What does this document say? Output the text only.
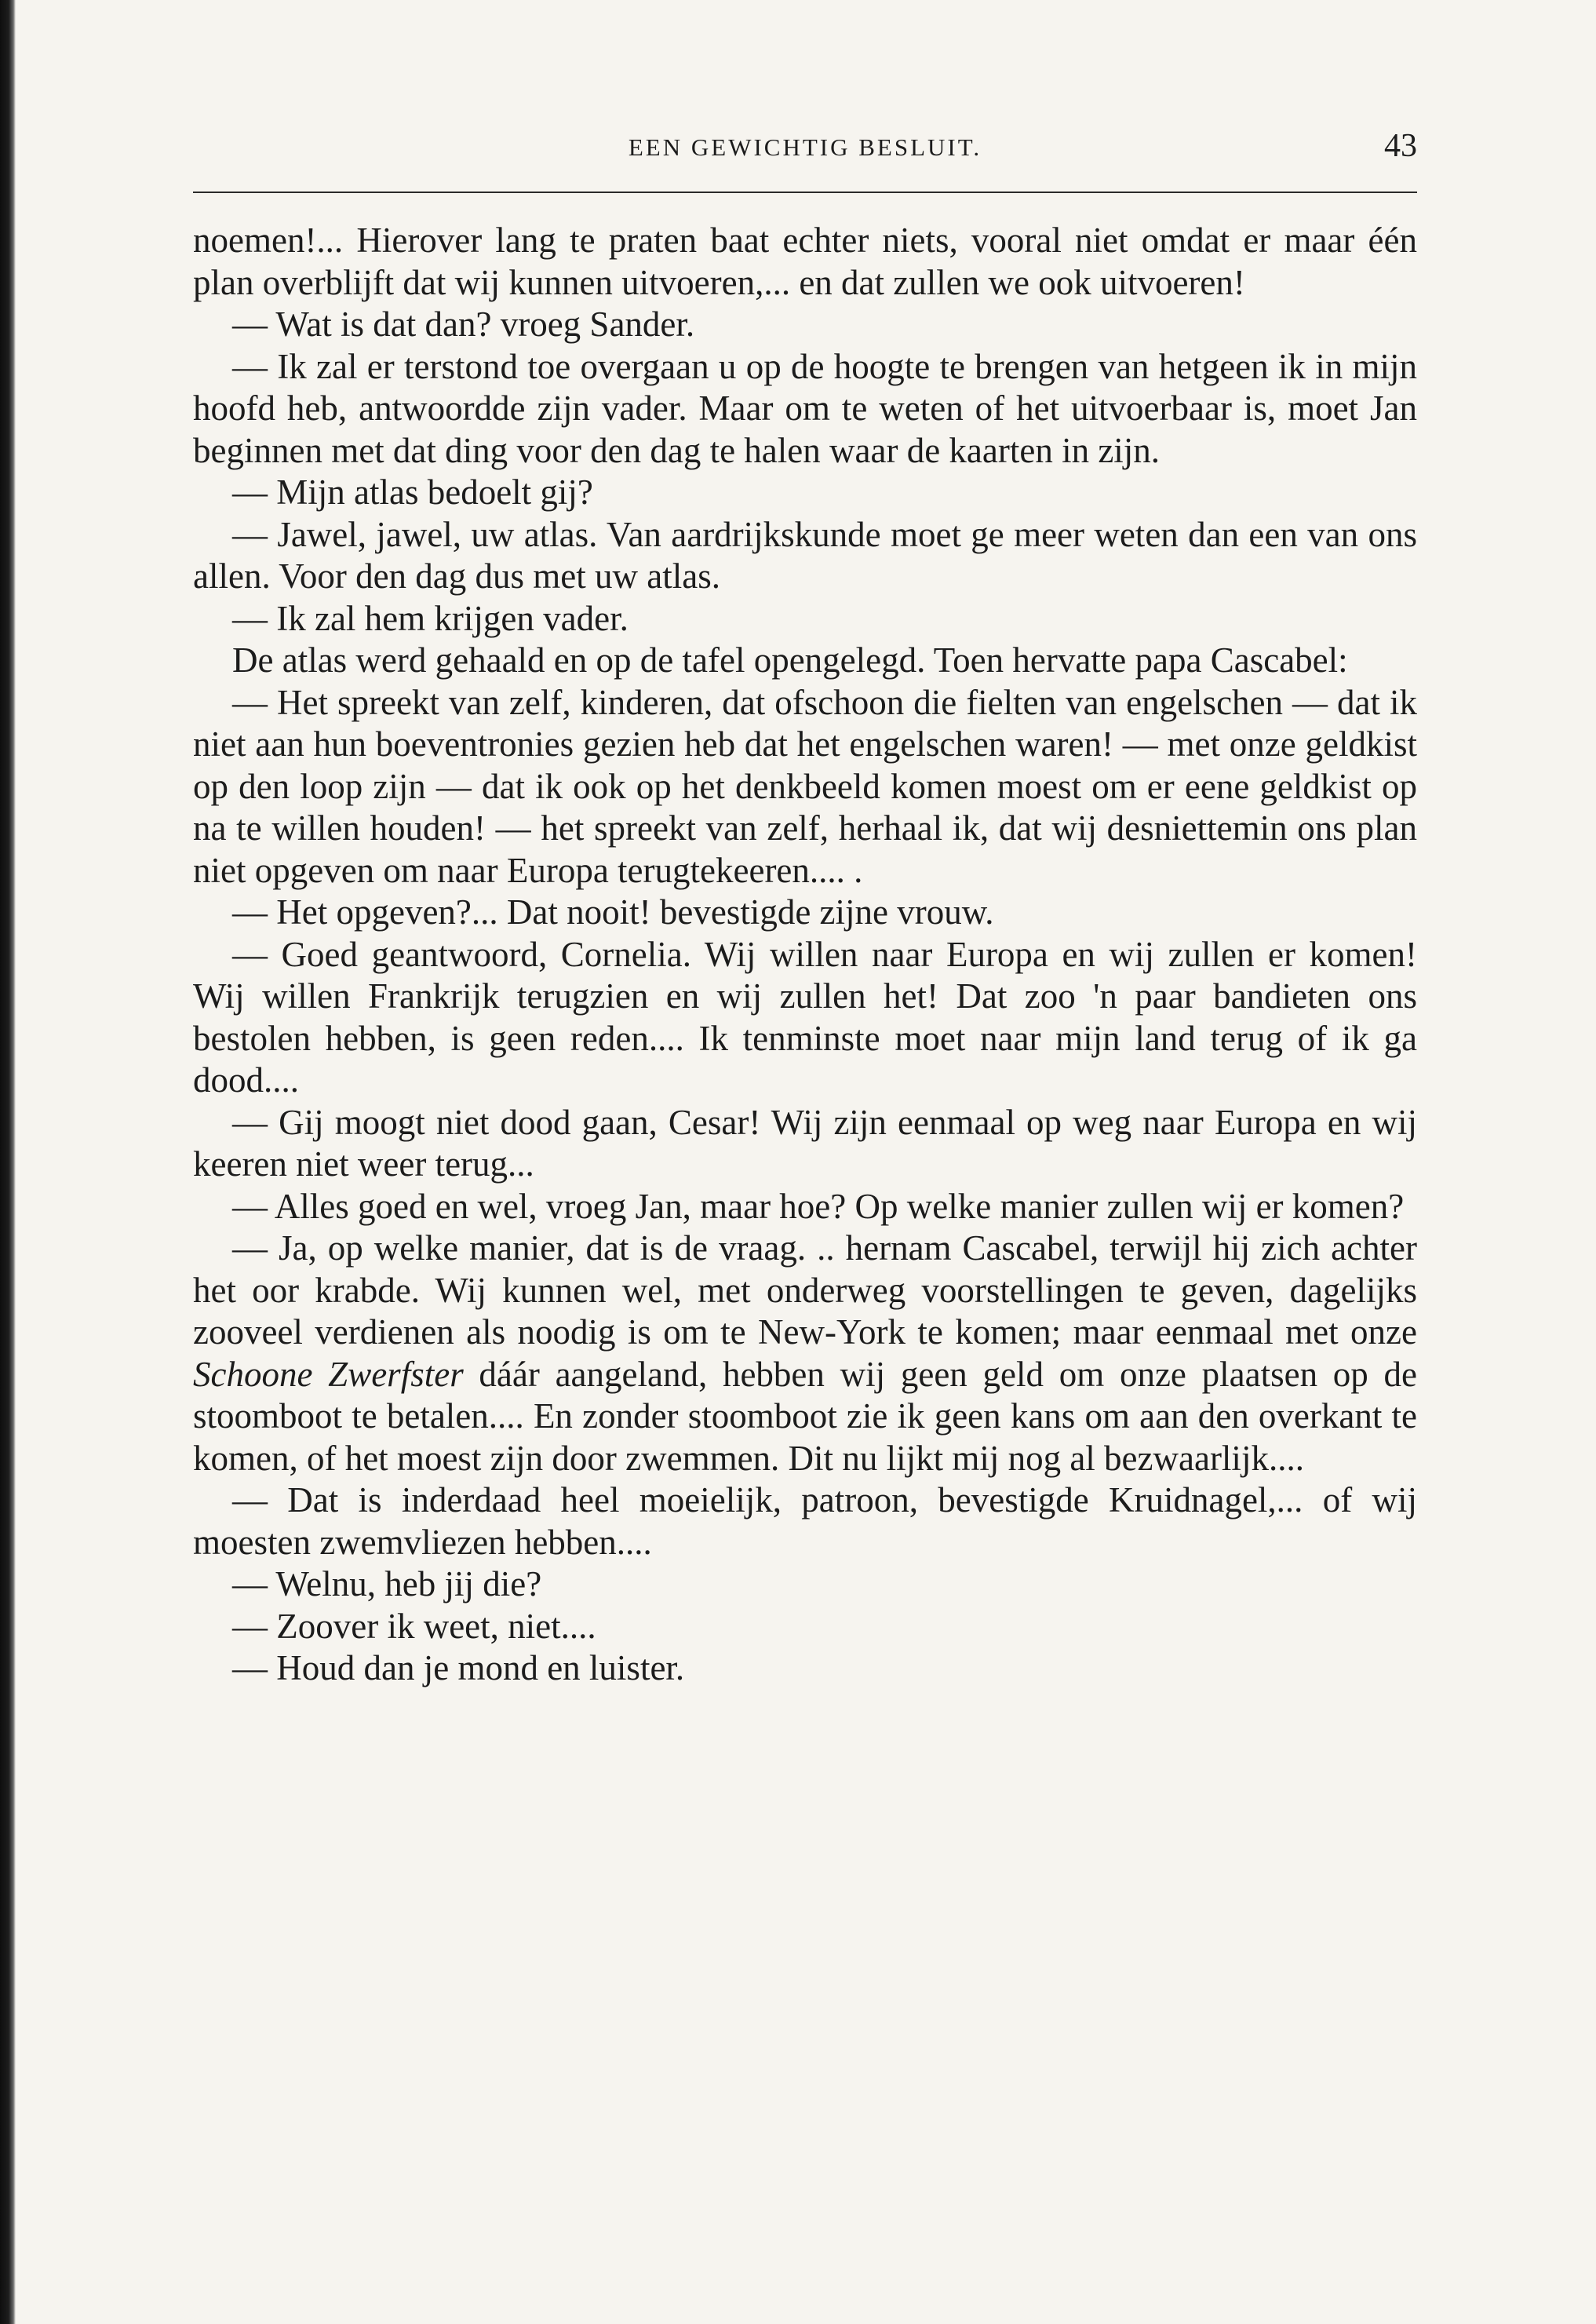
EEN GEWICHTIG BESLUIT.	43

noemen!... Hierover lang te praten baat echter niets, vooral niet omdat er maar één plan overblijft dat wij kunnen uitvoeren,... en dat zullen we ook uitvoeren!

— Wat is dat dan? vroeg Sander.

— Ik zal er terstond toe overgaan u op de hoogte te brengen van hetgeen ik in mijn hoofd heb, antwoordde zijn vader. Maar om te weten of het uitvoerbaar is, moet Jan beginnen met dat ding voor den dag te halen waar de kaarten in zijn.

— Mijn atlas bedoelt gij?

— Jawel, jawel, uw atlas. Van aardrijkskunde moet ge meer weten dan een van ons allen. Voor den dag dus met uw atlas.

— Ik zal hem krijgen vader.

De atlas werd gehaald en op de tafel opengelegd. Toen hervatte papa Cascabel:

— Het spreekt van zelf, kinderen, dat ofschoon die fielten van engelschen — dat ik niet aan hun boeventronies gezien heb dat het engelschen waren! — met onze geldkist op den loop zijn — dat ik ook op het denkbeeld komen moest om er eene geldkist op na te willen houden! — het spreekt van zelf, herhaal ik, dat wij desniettemin ons plan niet opgeven om naar Europa terugtekeeren.... .

— Het opgeven?... Dat nooit! bevestigde zijne vrouw.

— Goed geantwoord, Cornelia. Wij willen naar Europa en wij zullen er komen! Wij willen Frankrijk terugzien en wij zullen het! Dat zoo 'n paar bandieten ons bestolen hebben, is geen reden.... Ik tenminste moet naar mijn land terug of ik ga dood....

— Gij moogt niet dood gaan, Cesar! Wij zijn eenmaal op weg naar Europa en wij keeren niet weer terug...

— Alles goed en wel, vroeg Jan, maar hoe? Op welke manier zullen wij er komen?

— Ja, op welke manier, dat is de vraag. .. hernam Cascabel, terwijl hij zich achter het oor krabde. Wij kunnen wel, met onderweg voorstellingen te geven, dagelijks zooveel verdienen als noodig is om te New-York te komen; maar eenmaal met onze Schoone Zwerfster dáár aangeland, hebben wij geen geld om onze plaatsen op de stoomboot te betalen.... En zonder stoomboot zie ik geen kans om aan den overkant te komen, of het moest zijn door zwemmen. Dit nu lijkt mij nog al bezwaarlijk....

— Dat is inderdaad heel moeielijk, patroon, bevestigde Kruidnagel,... of wij moesten zwemvliezen hebben....

— Welnu, heb jij die?

— Zoover ik weet, niet....

— Houd dan je mond en luister.
